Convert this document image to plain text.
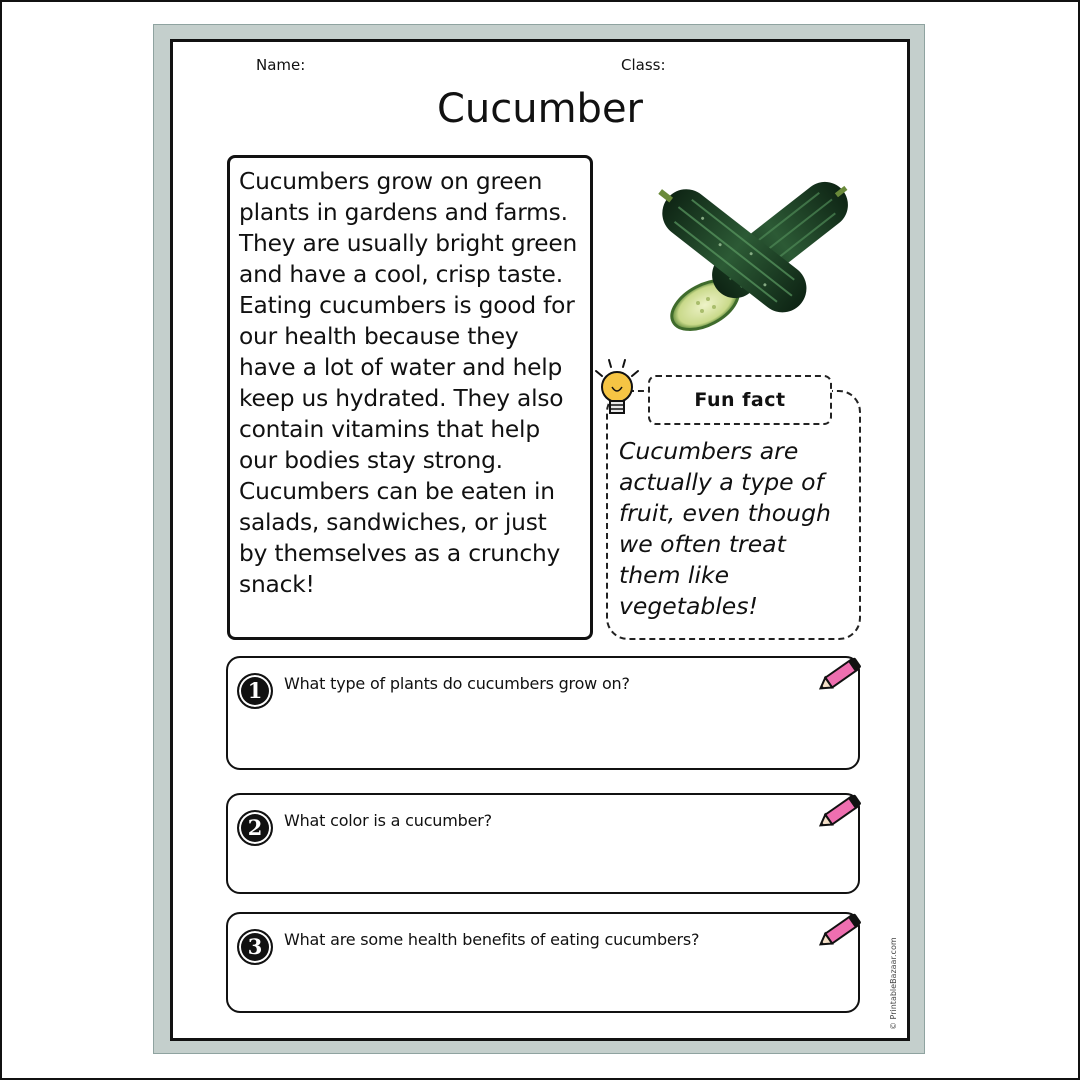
Name:	Class:
Cucumber

Cucumbers grow on green plants in gardens and farms. They are usually bright green and have a cool, crisp taste. Eating cucumbers is good for our health because they have a lot of water and help keep us hydrated. They also contain vitamins that help our bodies stay strong. Cucumbers can be eaten in salads, sandwiches, or just by themselves as a crunchy snack!

Fun fact

Cucumbers are actually a type of fruit, even though we often treat them like vegetables!

1	What type of plants do cucumbers grow on?
2	What color is a cucumber?
3	What are some health benefits of eating cucumbers?	© PrintableBazaar.com
